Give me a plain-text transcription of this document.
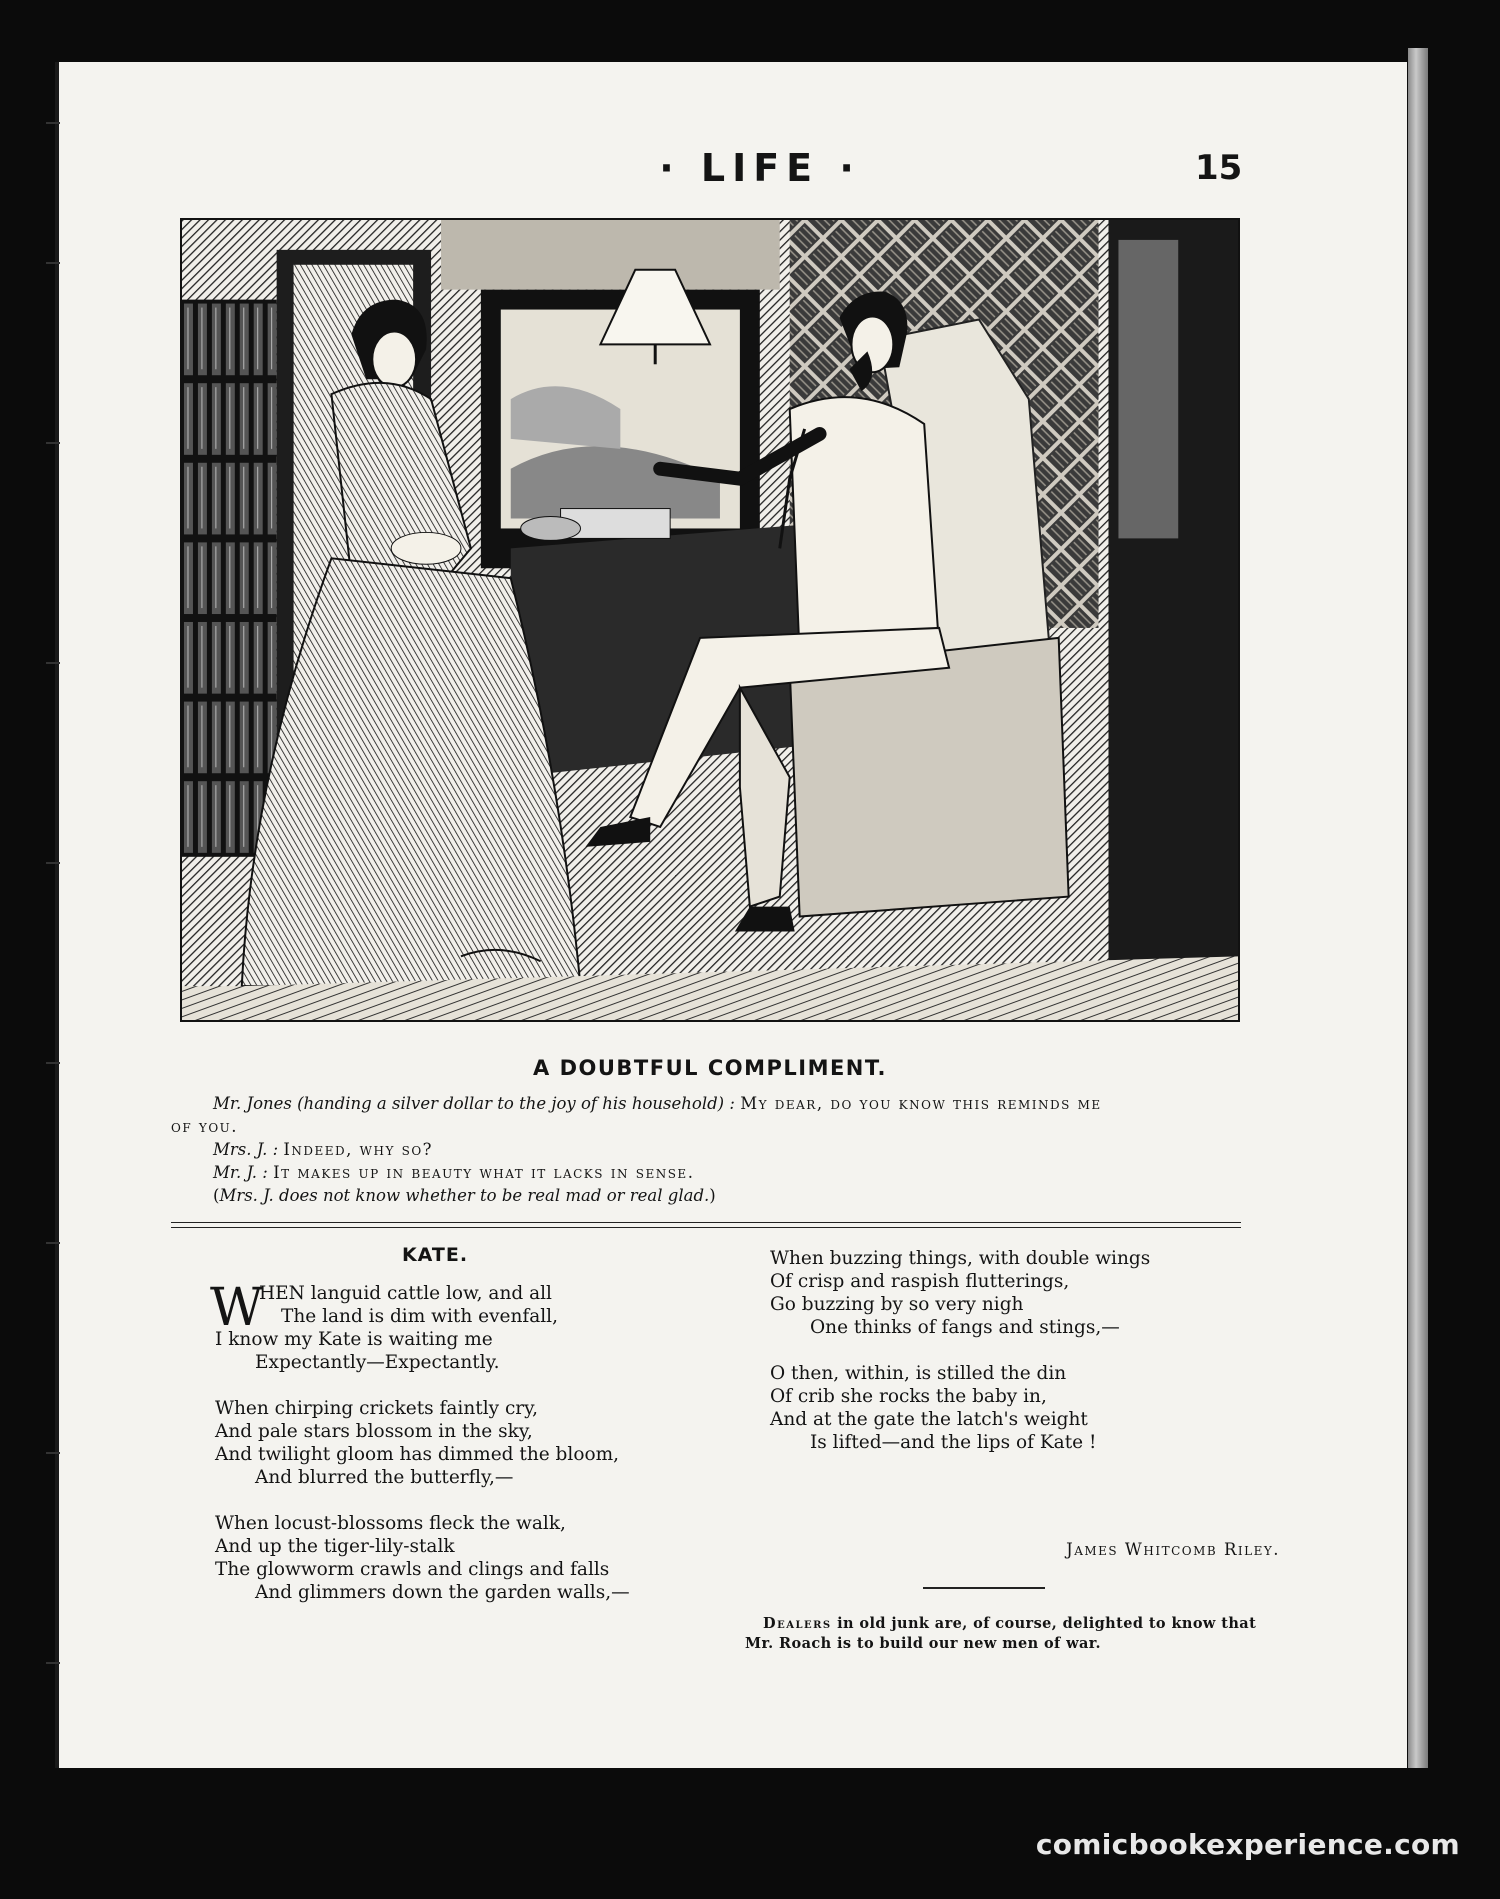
· LIFE ·	15
A DOUBTFUL COMPLIMENT.

Mr. Jones (handing a silver dollar to the joy of his household) : My dear, do you know this reminds me

of you.

Mrs. J. : Indeed, why so?

Mr. J. : It makes up in beauty what it lacks in sense.

(Mrs. J. does not know whether to be real mad or real glad.)

KATE.
W
HEN languid cattle low, and all
The land is dim with evenfall,
I know my Kate is waiting me
Expectantly—Expectantly.
When chirping crickets faintly cry,
And pale stars blossom in the sky,
And twilight gloom has dimmed the bloom,
And blurred the butterfly,—
When locust-blossoms fleck the walk,
And up the tiger-lily-stalk
The glowworm crawls and clings and falls
And glimmers down the garden walls,—
When buzzing things, with double wings
Of crisp and raspish flutterings,
Go buzzing by so very nigh
One thinks of fangs and stings,—
O then, within, is stilled the din
Of crib she rocks the baby in,
And at the gate the latch's weight
Is lifted—and the lips of Kate !
James Whitcomb Riley.
Dealers in old junk are, of course, delighted to know that
Mr. Roach is to build our new men of war.
comicbookexperience.com
